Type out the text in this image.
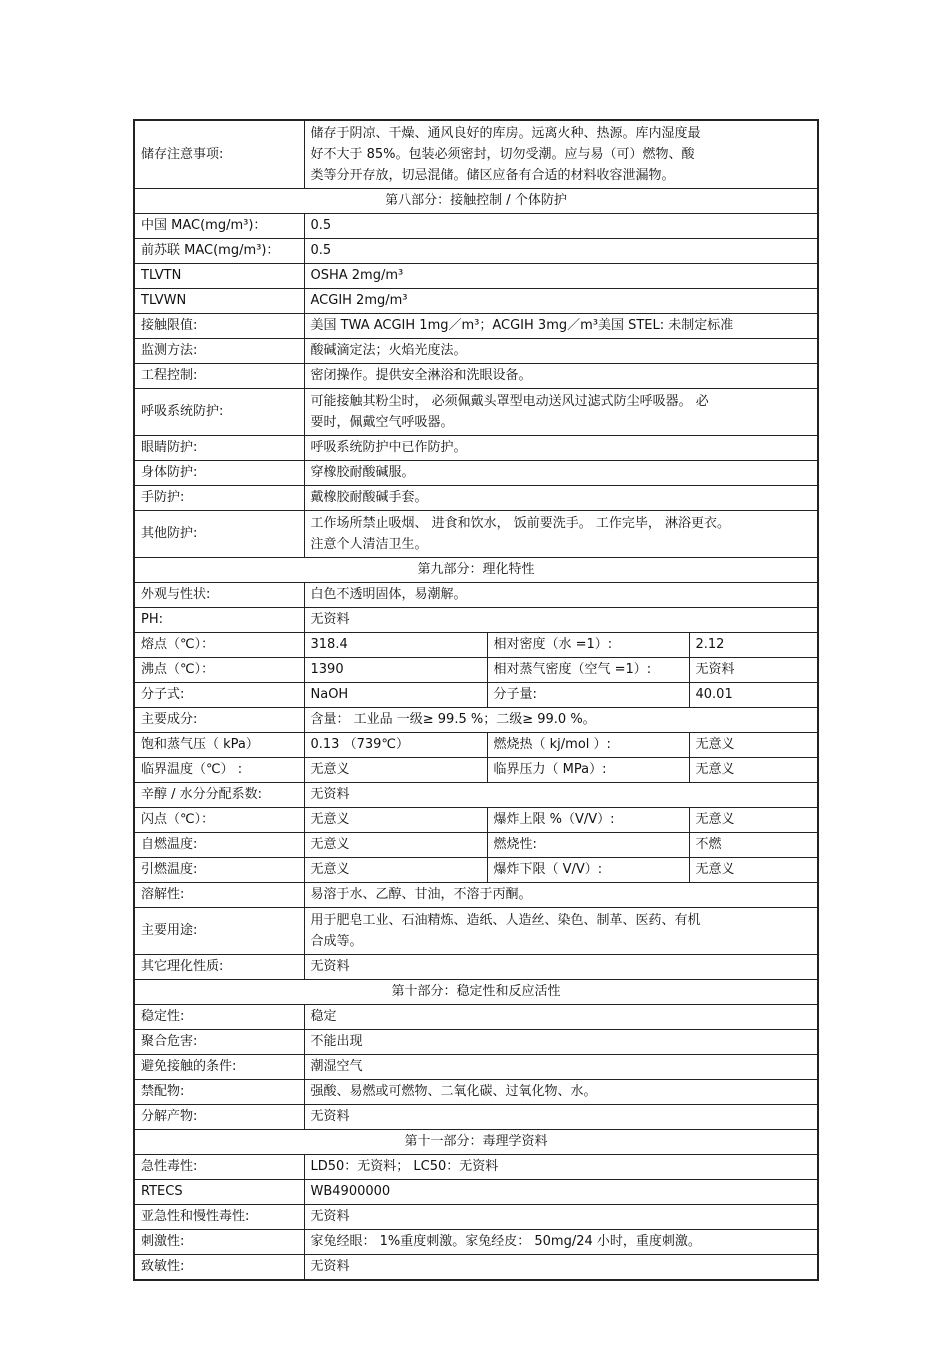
储存注意事项:	储存于阴凉、干燥、通风良好的库房。远离火种、热源。库内湿度最
好不大于 85%。包装必须密封，切勿受潮。应与易（可）燃物、酸
类等分开存放，切忌混储。储区应备有合适的材料收容泄漏物。		

第八部分：接触控制 / 个体防护			
中国 MAC(mg/m³)：	0.5		
前苏联 MAC(mg/m³)：	0.5		
TLVTN	OSHA 2mg/m³		
TLVWN	ACGIH 2mg/m³		
接触限值:	美国 TWA ACGIH 1mg／m³；ACGIH 3mg／m³美国 STEL: 未制定标准		
监测方法:	酸碱滴定法；火焰光度法。		
工程控制:	密闭操作。提供安全淋浴和洗眼设备。		
呼吸系统防护:	可能接触其粉尘时， 必须佩戴头罩型电动送风过滤式防尘呼吸器。 必
要时，佩戴空气呼吸器。		

眼睛防护:	呼吸系统防护中已作防护。		
身体防护:	穿橡胶耐酸碱服。		
手防护:	戴橡胶耐酸碱手套。		
其他防护:	工作场所禁止吸烟、 进食和饮水， 饭前要洗手。 工作完毕， 淋浴更衣。
注意个人清洁卫生。		

第九部分：理化特性			
外观与性状:	白色不透明固体，易潮解。		
PH:	无资料		
熔点（℃）：	318.4	相对密度（水 =1）:	2.12
沸点（℃）：	1390	相对蒸气密度（空气 =1）:	无资料
分子式:	NaOH	分子量:	40.01
主要成分:	含量： 工业品 一级≥ 99.5 %；二级≥ 99.0 %。		
饱和蒸气压（ kPa）	0.13 （739℃）	燃烧热（ kj/mol ）:	无意义
临界温度（℃） :	无意义	临界压力（ MPa）:	无意义
辛醇 / 水分分配系数:	无资料		
闪点（℃）：	无意义	爆炸上限 %（V/V）:	无意义
自燃温度:	无意义	燃烧性:	不燃
引燃温度:	无意义	爆炸下限（ V/V）:	无意义
溶解性:	易溶于水、乙醇、甘油，不溶于丙酮。		
主要用途:	用于肥皂工业、石油精炼、造纸、人造丝、染色、制革、医药、有机
合成等。		

其它理化性质:	无资料		
第十部分：稳定性和反应活性			
稳定性:	稳定		
聚合危害:	不能出现		
避免接触的条件:	潮湿空气		
禁配物:	强酸、易燃或可燃物、二氧化碳、过氧化物、水。		
分解产物:	无资料		
第十一部分：毒理学资料			
急性毒性:	LD50：无资料； LC50：无资料		
RTECS	WB4900000		
亚急性和慢性毒性:	无资料		
刺激性:	家兔经眼： 1%重度刺激。家兔经皮： 50mg/24 小时，重度刺激。		
致敏性:	无资料		
